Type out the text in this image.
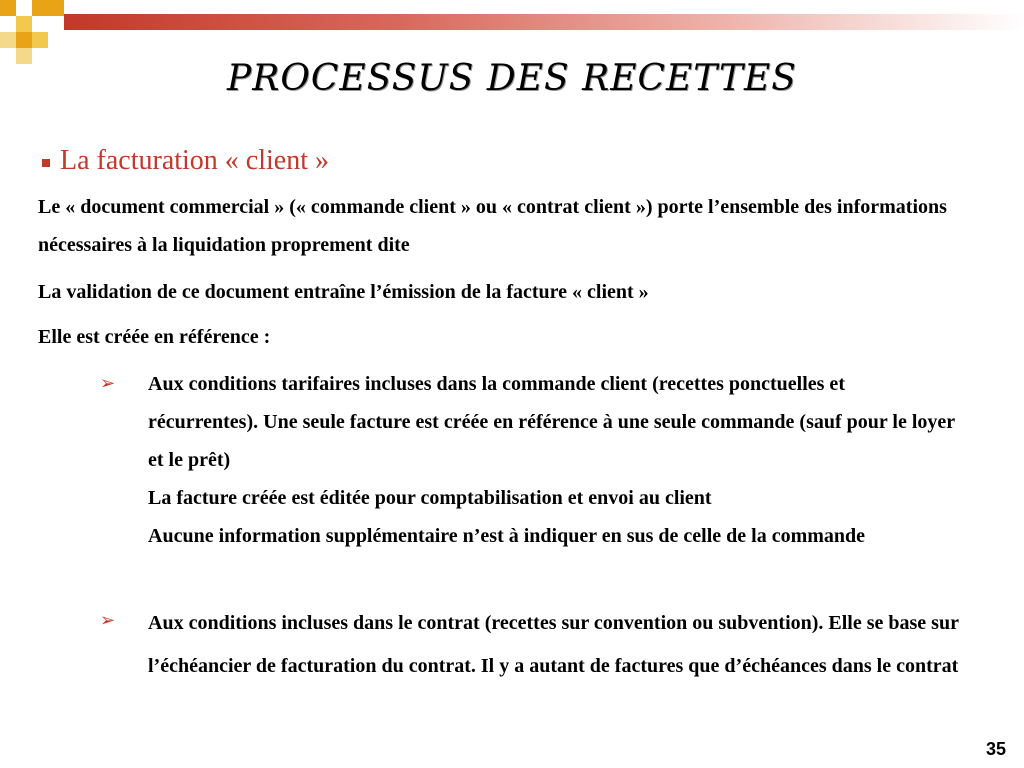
PROCESSUS DES RECETTES
La facturation « client »
Le « document commercial » (« commande client » ou « contrat client ») porte l’ensemble des informations nécessaires à la liquidation proprement dite
La validation de ce document entraîne l’émission de la facture « client »
Elle est créée en référence :
➢	Aux conditions tarifaires incluses dans la commande client (recettes ponctuelles et récurrentes). Une seule facture est créée en référence à une seule commande (sauf pour le loyer et le prêt)
La facture créée est éditée pour comptabilisation et envoi au client
Aucune information supplémentaire n’est à indiquer en sus de celle de la commande
➢	Aux conditions incluses dans le contrat (recettes sur convention ou subvention). Elle se base sur l’échéancier de facturation du contrat. Il y a autant de factures que d’échéances dans le contrat
35
